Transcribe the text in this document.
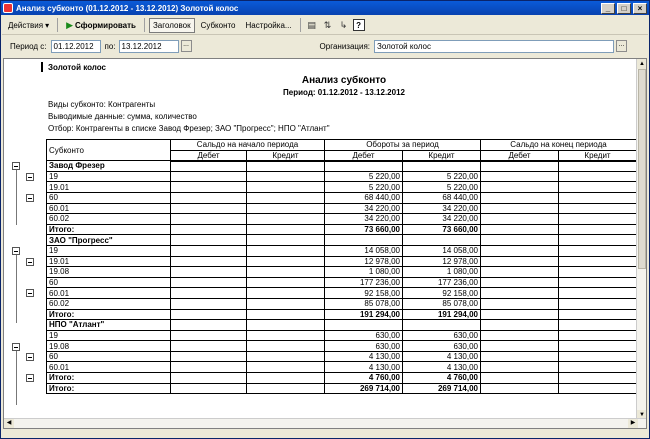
Анализ субконто (01.12.2012 - 13.12.2012) Золотой колос	_	□	×
Действия ▾ ▶ Сформировать	Заголовок	Субконто	Настройка...	▤ ⇅ ↳	?
Период с: 01.12.2012	по: 13.12.2012	...	Организация: Золотой колос	...
Золотой колос
Анализ субконто
Период: 01.12.2012 - 13.12.2012
Виды субконто: Контрагенты
Выводимые данные: сумма, количество
Отбор: Контрагенты в списке Завод Фрезер; ЗАО "Прогресс"; НПО "Атлант"
Субконто	Сальдо на начало периода		Обороты за период		Сальдо на конец периода	
	Дебет	Кредит	Дебет	Кредит	Дебет	Кредит
Завод Фрезер						
19			5 220,00	5 220,00		
19.01			5 220,00	5 220,00		
60			68 440,00	68 440,00		
60.01			34 220,00	34 220,00		
60.02			34 220,00	34 220,00		
Итого:			73 660,00	73 660,00		
ЗАО "Прогресс"						
19			14 058,00	14 058,00		
19.01			12 978,00	12 978,00		
19.08			1 080,00	1 080,00		
60			177 236,00	177 236,00		
60.01			92 158,00	92 158,00		
60.02			85 078,00	85 078,00		
Итого:			191 294,00	191 294,00		
НПО "Атлант"						
19			630,00	630,00		
19.08			630,00	630,00		
60			4 130,00	4 130,00		
60.01			4 130,00	4 130,00		
Итого:			4 760,00	4 760,00		
Итого:			269 714,00	269 714,00		
▲
▼
◀	▶
